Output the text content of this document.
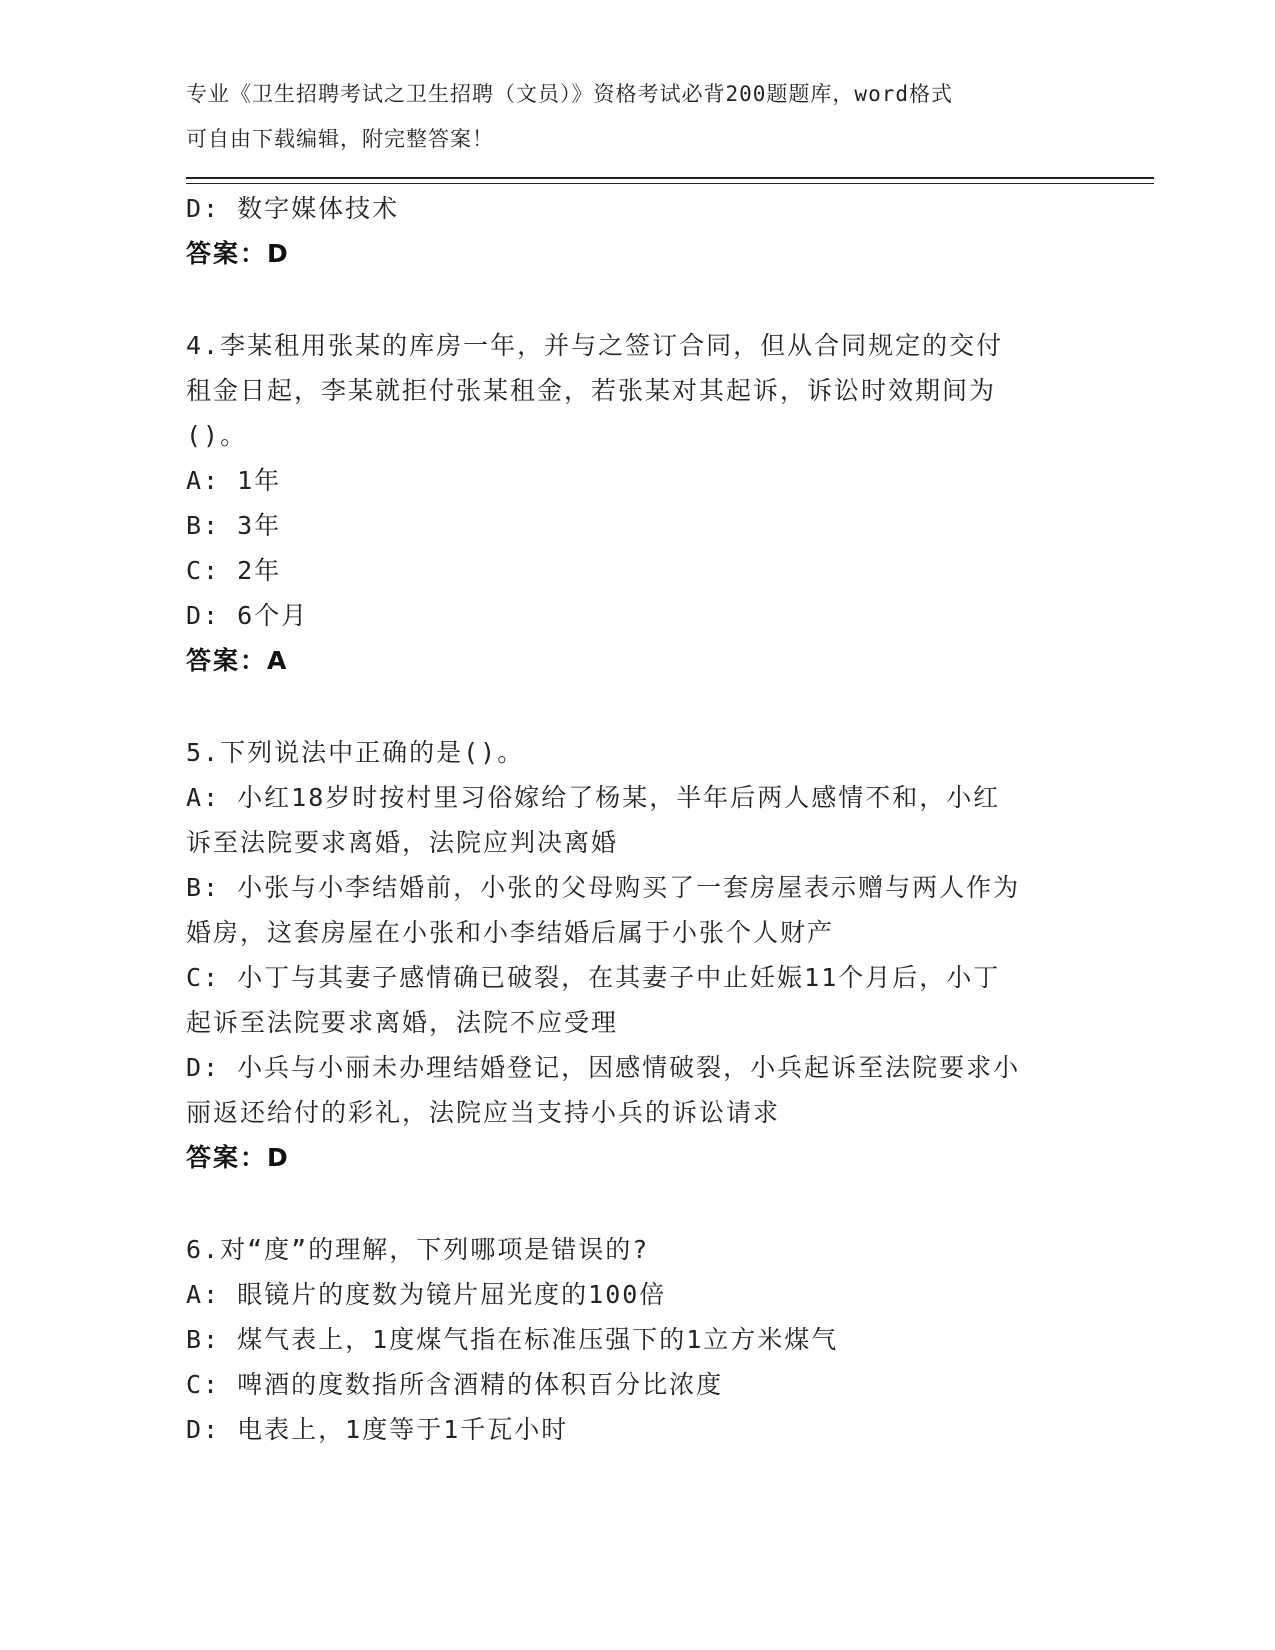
专业《卫生招聘考试之卫生招聘（文员）》资格考试必背200题题库，word格式
可自由下载编辑，附完整答案！
D: 数字媒体技术
答案：D
4.李某租用张某的库房一年，并与之签订合同，但从合同规定的交付
租金日起，李某就拒付张某租金，若张某对其起诉，诉讼时效期间为
()。
A: 1年
B: 3年
C: 2年
D: 6个月
答案：A
5.下列说法中正确的是()。
A: 小红18岁时按村里习俗嫁给了杨某，半年后两人感情不和，小红
诉至法院要求离婚，法院应判决离婚
B: 小张与小李结婚前，小张的父母购买了一套房屋表示赠与两人作为
婚房，这套房屋在小张和小李结婚后属于小张个人财产
C: 小丁与其妻子感情确已破裂，在其妻子中止妊娠11个月后，小丁
起诉至法院要求离婚，法院不应受理
D: 小兵与小丽未办理结婚登记，因感情破裂，小兵起诉至法院要求小
丽返还给付的彩礼，法院应当支持小兵的诉讼请求
答案：D
6.对“度”的理解，下列哪项是错误的?
A: 眼镜片的度数为镜片屈光度的100倍
B: 煤气表上，1度煤气指在标准压强下的1立方米煤气
C: 啤酒的度数指所含酒精的体积百分比浓度
D: 电表上，1度等于1千瓦小时
